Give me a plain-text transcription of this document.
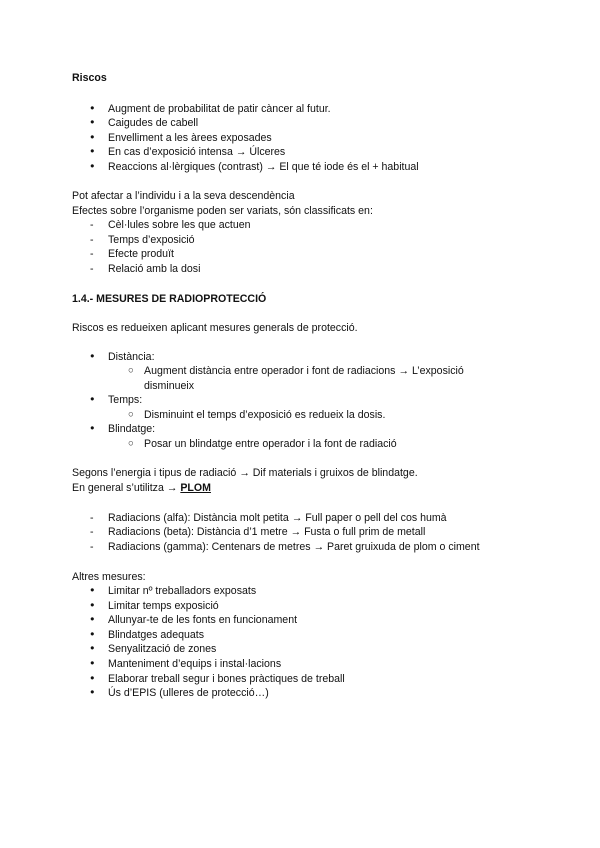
Riscos
●
Augment de probabilitat de patir càncer al futur.
●
Caigudes de cabell
●
Envelliment a les àrees exposades
●
En cas d’exposició intensa → Úlceres
●
Reaccions al·lèrgiques (contrast) → El que té iode és el + habitual
Pot afectar a l’individu i a la seva descendència
Efectes sobre l’organisme poden ser variats, són classificats en:
- Cèl·lules sobre les que actuen
- Temps d’exposició
- Efecte produït
- Relació amb la dosi
1.4.- MESURES DE RADIOPROTECCIÓ
Riscos es redueixen aplicant mesures generals de protecció.
●
Distància:
○
Augment distància entre operador i font de radiacions → L’exposició
disminueix
●
Temps:
○
Disminuint el temps d’exposició es redueix la dosis.
●
Blindatge:
○
Posar un blindatge entre operador i la font de radiació
Segons l’energia i tipus de radiació → Dif materials i gruixos de blindatge.
En general s’utilitza → PLOM
- Radiacions (alfa): Distància molt petita → Full paper o pell del cos humà
- Radiacions (beta): Distància d’1 metre → Fusta o full prim de metall
- Radiacions (gamma): Centenars de metres → Paret gruixuda de plom o ciment
Altres mesures:
●
Limitar nº treballadors exposats
●
Limitar temps exposició
●
Allunyar-te de les fonts en funcionament
●
Blindatges adequats
●
Senyalització de zones
●
Manteniment d’equips i instal·lacions
●
Elaborar treball segur i bones pràctiques de treball
●
Ús d’EPIS (ulleres de protecció…)
